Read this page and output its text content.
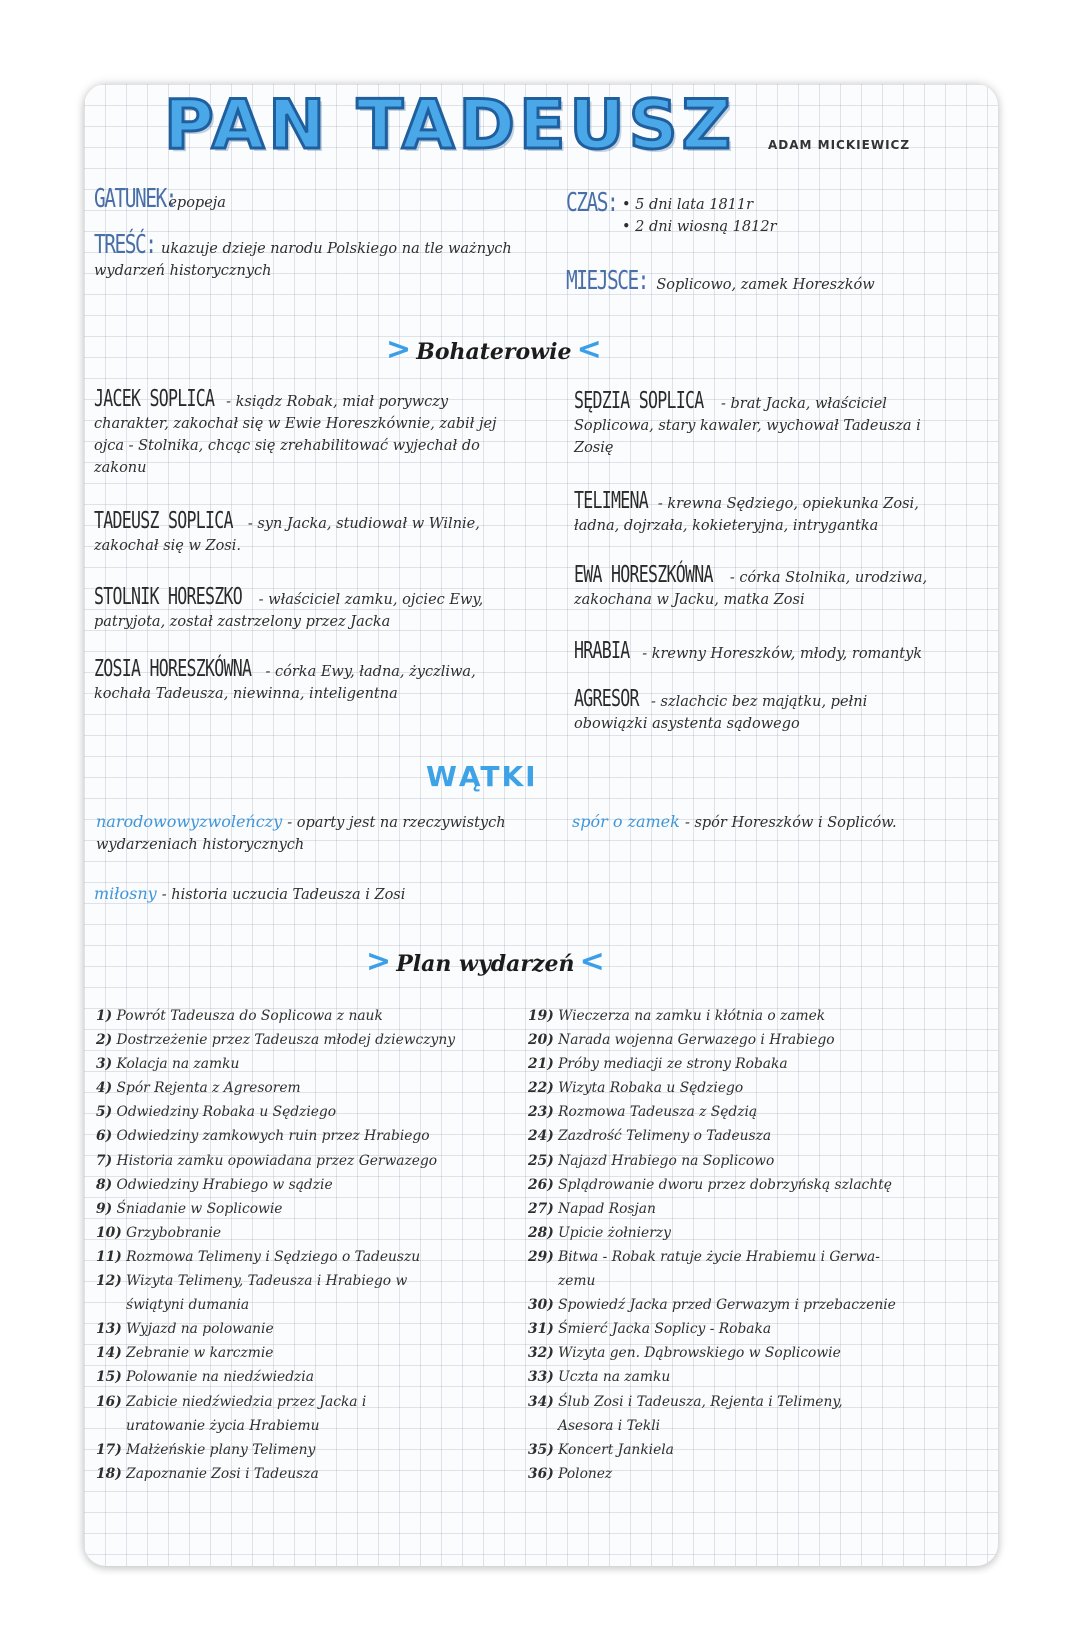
PAN TADEUSZ	ADAM MICKIEWICZ
GATUNEK: epopeja
TREŚĆ: ukazuje dzieje narodu Polskiego na tle ważnych wydarzeń historycznych
CZAS: • 5 dni lata 1811r
• 2 dni wiosną 1812r
MIEJSCE: Soplicowo, zamek Horeszków
> Bohaterowie <
JACEK SOPLICA - ksiądz Robak, miał porywczy charakter, zakochał się w Ewie Horeszkównie, zabił jej ojca - Stolnika, chcąc się zrehabilitować wyjechał do zakonu
TADEUSZ SOPLICA - syn Jacka, studiował w Wilnie, zakochał się w Zosi.
STOLNIK HORESZKO - właściciel zamku, ojciec Ewy, patryjota, został zastrzelony przez Jacka
ZOSIA HORESZKÓWNA - córka Ewy, ładna, życzliwa, kochała Tadeusza, niewinna, inteligentna
SĘDZIA SOPLICA - brat Jacka, właściciel Soplicowa, stary kawaler, wychował Tadeusza i Zosię
TELIMENA - krewna Sędziego, opiekunka Zosi, ładna, dojrzała, kokieteryjna, intrygantka
EWA HORESZKÓWNA - córka Stolnika, urodziwa, zakochana w Jacku, matka Zosi
HRABIA - krewny Horeszków, młody, romantyk
AGRESOR - szlachcic bez majątku, pełni obowiązki asystenta sądowego
WĄTKI
narodowowyzwoleńczy - oparty jest na rzeczywistych wydarzeniach historycznych
spór o zamek - spór Horeszków i Sopliców.
miłosny - historia uczucia Tadeusza i Zosi
> Plan wydarzeń <
1) Powrót Tadeusza do Soplicowa z nauk
2) Dostrzeżenie przez Tadeusza młodej dziewczyny
3) Kolacja na zamku
4) Spór Rejenta z Agresorem
5) Odwiedziny Robaka u Sędziego
6) Odwiedziny zamkowych ruin przez Hrabiego
7) Historia zamku opowiadana przez Gerwazego
8) Odwiedziny Hrabiego w sądzie
9) Śniadanie w Soplicowie
10) Grzybobranie
11) Rozmowa Telimeny i Sędziego o Tadeuszu
12) Wizyta Telimeny, Tadeusza i Hrabiego w
świątyni dumania
13) Wyjazd na polowanie
14) Zebranie w karczmie
15) Polowanie na niedźwiedzia
16) Zabicie niedźwiedzia przez Jacka i
uratowanie życia Hrabiemu
17) Małżeńskie plany Telimeny
18) Zapoznanie Zosi i Tadeusza
19) Wieczerza na zamku i kłótnia o zamek
20) Narada wojenna Gerwazego i Hrabiego
21) Próby mediacji ze strony Robaka
22) Wizyta Robaka u Sędziego
23) Rozmowa Tadeusza z Sędzią
24) Zazdrość Telimeny o Tadeusza
25) Najazd Hrabiego na Soplicowo
26) Splądrowanie dworu przez dobrzyńską szlachtę
27) Napad Rosjan
28) Upicie żołnierzy
29) Bitwa - Robak ratuje życie Hrabiemu i Gerwa-
zemu
30) Spowiedź Jacka przed Gerwazym i przebaczenie
31) Śmierć Jacka Soplicy - Robaka
32) Wizyta gen. Dąbrowskiego w Soplicowie
33) Uczta na zamku
34) Ślub Zosi i Tadeusza, Rejenta i Telimeny,
Asesora i Tekli
35) Koncert Jankiela
36) Polonez
